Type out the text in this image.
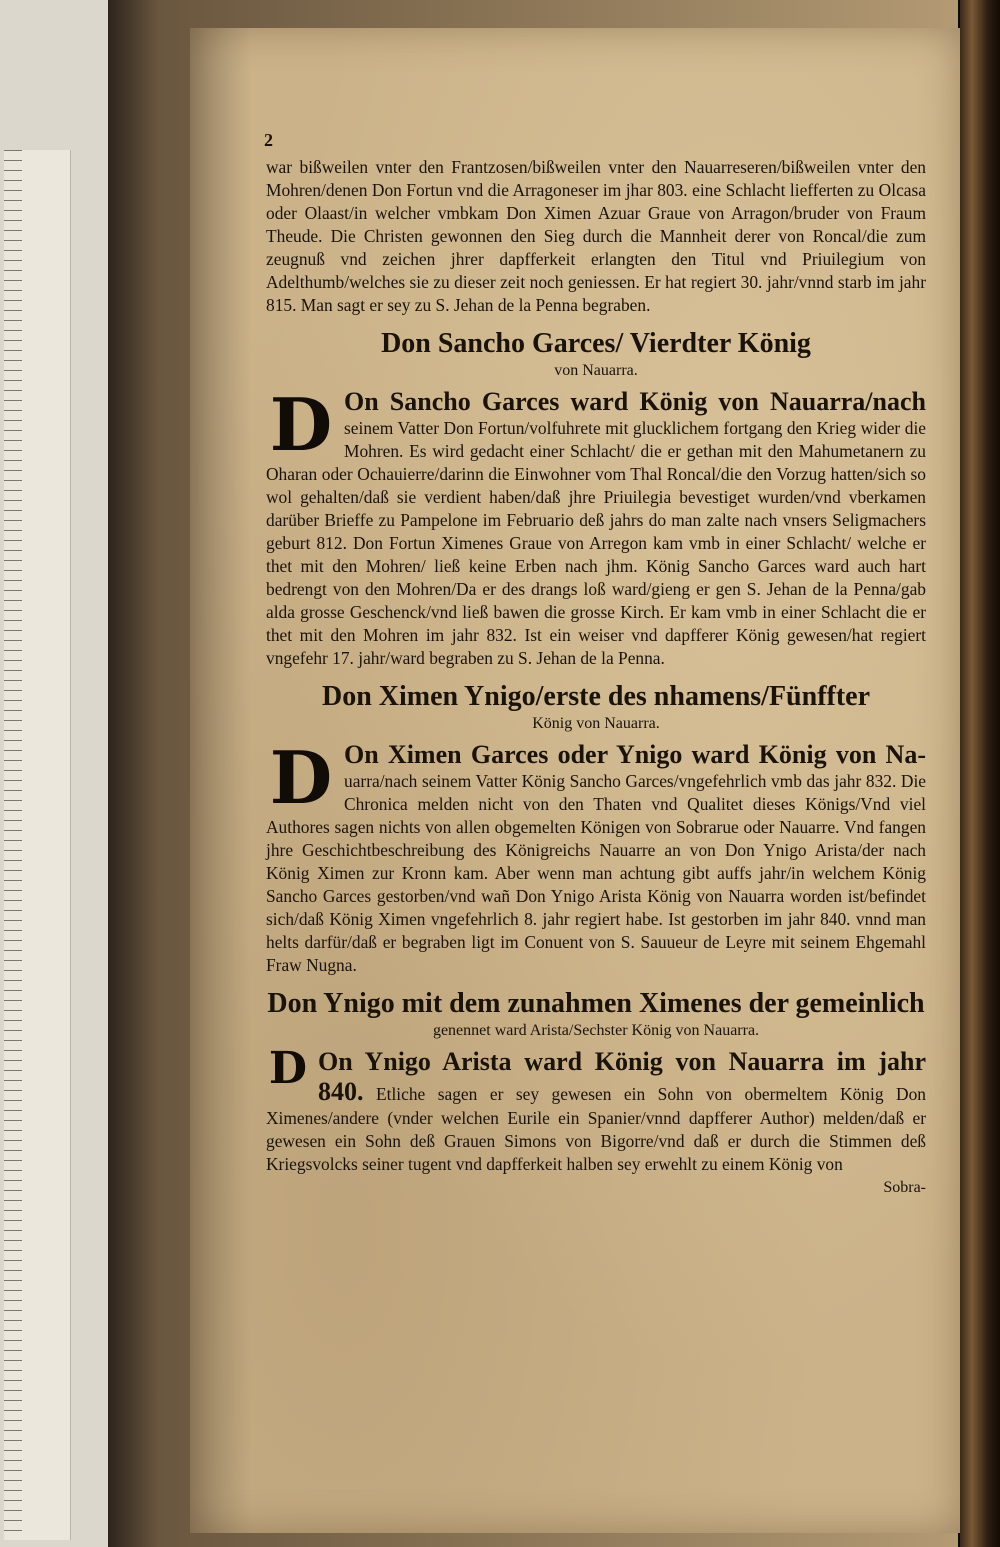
2

war bißweilen vnter den Frantzosen/bißweilen vnter den Nauarreseren/bißweilen vnter den Mohren/denen Don Fortun vnd die Arragoneser im jhar 803. eine Schlacht liefferten zu Olcasa oder Olaast/in welcher vmbkam Don Ximen Azuar Graue von Arragon/bruder von Fraum Theude. Die Christen gewonnen den Sieg durch die Mannheit derer von Roncal/die zum zeugnuß vnd zeichen jhrer dapfferkeit erlangten den Titul vnd Priuilegium von Adelthumb/welches sie zu dieser zeit noch geniessen. Er hat regiert 30. jahr/vnnd starb im jahr 815. Man sagt er sey zu S. Jehan de la Penna begraben.

Don Sancho Garces/ Vierdter König
von Nauarra.
D On Sancho Garces ward König von Nauarra/nach seinem Vatter Don Fortun/volfuhrete mit glucklichem fortgang den Krieg wider die Mohren. Es wird gedacht einer Schlacht/ die er gethan mit den Mahumetanern zu Oharan oder Ochauierre/darinn die Einwohner vom Thal Roncal/die den Vorzug hatten/sich so wol gehalten/daß sie verdient haben/daß jhre Priuilegia bevestiget wurden/vnd vberkamen darüber Brieffe zu Pampelone im Februario deß jahrs do man zalte nach vnsers Seligmachers geburt 812. Don Fortun Ximenes Graue von Arregon kam vmb in einer Schlacht/ welche er thet mit den Mohren/ ließ keine Erben nach jhm. König Sancho Garces ward auch hart bedrengt von den Mohren/Da er des drangs loß ward/gieng er gen S. Jehan de la Penna/gab alda grosse Geschenck/vnd ließ bawen die grosse Kirch. Er kam vmb in einer Schlacht die er thet mit den Mohren im jahr 832. Ist ein weiser vnd dapfferer König gewesen/hat regiert vngefehr 17. jahr/ward begraben zu S. Jehan de la Penna.

Don Ximen Ynigo/erste des nhamens/Fünffter
König von Nauarra.
D On Ximen Garces oder Ynigo ward König von Na- uarra/nach seinem Vatter König Sancho Garces/vngefehrlich vmb das jahr 832. Die Chronica melden nicht von den Thaten vnd Qualitet dieses Königs/Vnd viel Authores sagen nichts von allen obgemelten Königen von Sobrarue oder Nauarre. Vnd fangen jhre Geschichtbeschreibung des Königreichs Nauarre an von Don Ynigo Arista/der nach König Ximen zur Kronn kam. Aber wenn man achtung gibt auffs jahr/in welchem König Sancho Garces gestorben/vnd wañ Don Ynigo Arista König von Nauarra worden ist/befindet sich/daß König Ximen vngefehrlich 8. jahr regiert habe. Ist gestorben im jahr 840. vnnd man helts darfür/daß er begraben ligt im Conuent von S. Sauueur de Leyre mit seinem Ehgemahl Fraw Nugna.

Don Ynigo mit dem zunahmen Ximenes der gemeinlich
genennet ward Arista/Sechster König von Nauarra.
D On Ynigo Arista ward König von Nauarra im jahr 840. Etliche sagen er sey gewesen ein Sohn von obermeltem König Don Ximenes/andere (vnder welchen Eurile ein Spanier/vnnd dapfferer Author) melden/daß er gewesen ein Sohn deß Grauen Simons von Bigorre/vnd daß er durch die Stimmen deß Kriegsvolcks seiner tugent vnd dapfferkeit halben sey erwehlt zu einem König von

Sobra-
